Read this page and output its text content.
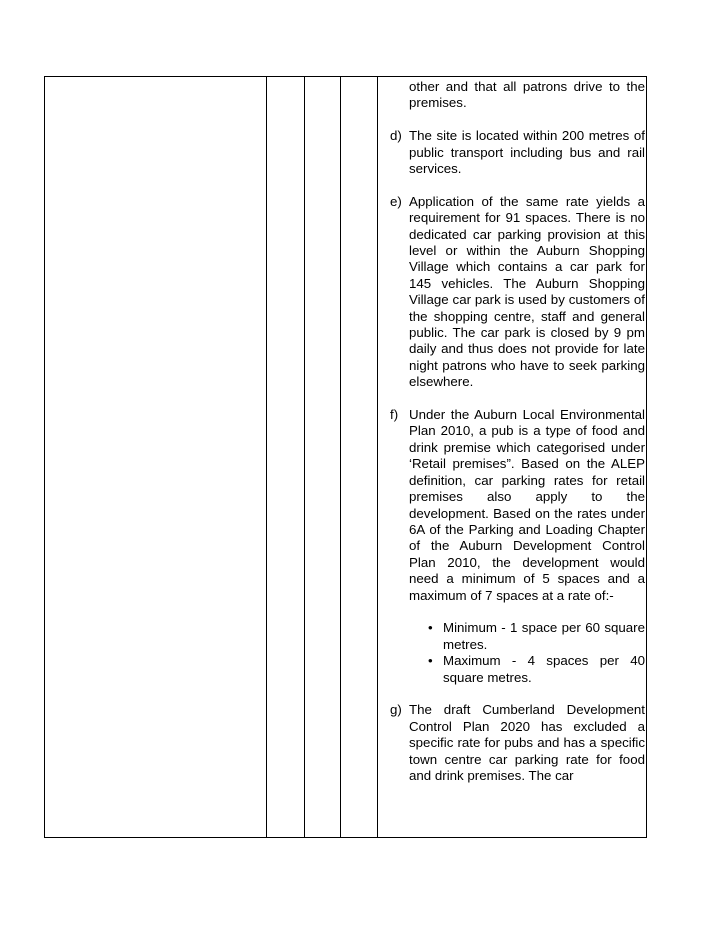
other and that all patrons drive to the premises.
d) The site is located within 200 metres of public transport including bus and rail services.
e) Application of the same rate yields a requirement for 91 spaces. There is no dedicated car parking provision at this level or within the Auburn Shopping Village which contains a car park for 145 vehicles. The Auburn Shopping Village car park is used by customers of the shopping centre, staff and general public. The car park is closed by 9 pm daily and thus does not provide for late night patrons who have to seek parking elsewhere.
f) Under the Auburn Local Environmental Plan 2010, a pub is a type of food and drink premise which categorised under ‘Retail premises”. Based on the ALEP definition, car parking rates for retail premises also apply to the development. Based on the rates under 6A of the Parking and Loading Chapter of the Auburn Development Control Plan 2010, the development would need a minimum of 5 spaces and a maximum of 7 spaces at a rate of:-
• Minimum - 1 space per 60 square metres.
• Maximum - 4 spaces per 40 square metres.
g) The draft Cumberland Development Control Plan 2020 has excluded a specific rate for pubs and has a specific town centre car parking rate for food and drink premises. The car
